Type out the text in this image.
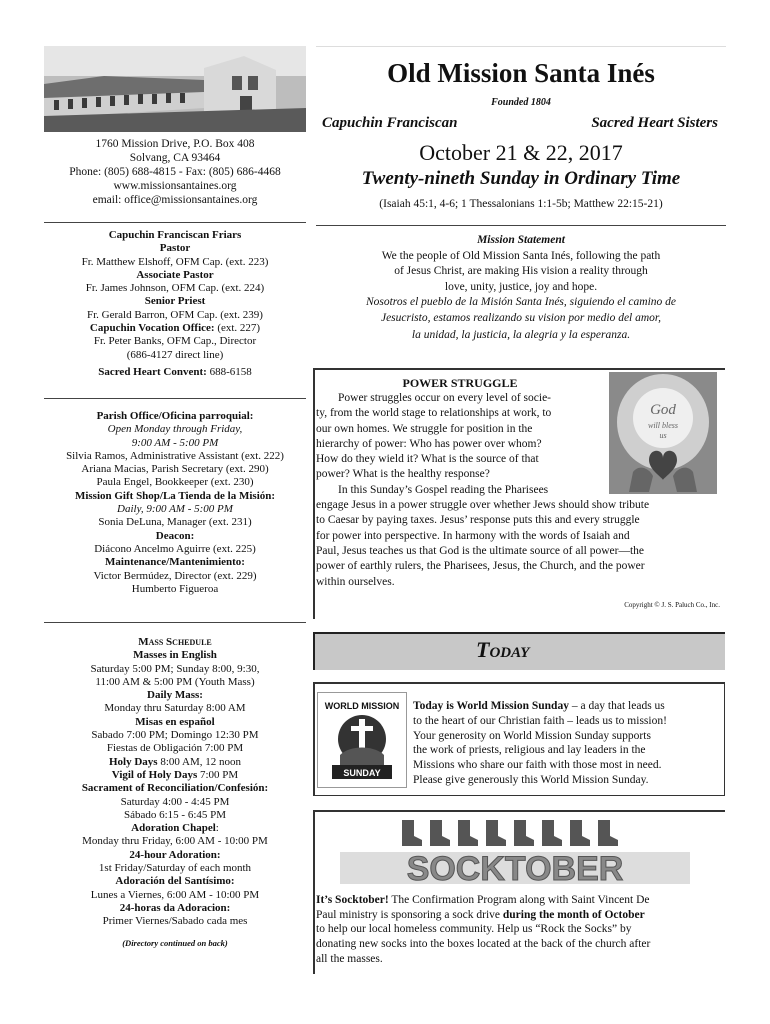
1760 Mission Drive, P.O. Box 408
Solvang, CA 93464
Phone: (805) 688-4815 - Fax: (805) 686-4468
www.missionsantaines.org
email: office@missionsantaines.org
Capuchin Franciscan Friars
Pastor
Fr. Matthew Elshoff, OFM Cap. (ext. 223)
Associate Pastor
Fr. James Johnson, OFM Cap. (ext. 224)
Senior Priest
Fr. Gerald Barron, OFM Cap. (ext. 239)
Capuchin Vocation Office: (ext. 227)
Fr. Peter Banks, OFM Cap., Director
(686-4127 direct line)
Sacred Heart Convent: 688-6158
Parish Office/Oficina parroquial:
Open Monday through Friday,
9:00 AM - 5:00 PM
Silvia Ramos, Administrative Assistant (ext. 222)
Ariana Macias, Parish Secretary (ext. 290)
Paula Engel, Bookkeeper (ext. 230)
Mission Gift Shop/La Tienda de la Misión:
Daily, 9:00 AM - 5:00 PM
Sonia DeLuna, Manager (ext. 231)
Deacon:
Diácono Ancelmo Aguirre (ext. 225)
Maintenance/Mantenimiento:
Victor Bermúdez, Director (ext. 229)
Humberto Figueroa
Mass Schedule
Masses in English
Saturday 5:00 PM; Sunday 8:00, 9:30,
11:00 AM & 5:00 PM (Youth Mass)
Daily Mass:
Monday thru Saturday 8:00 AM
Misas en español
Sabado 7:00 PM; Domingo 12:30 PM
Fiestas de Obligación 7:00 PM
Holy Days 8:00 AM, 12 noon
Vigil of Holy Days 7:00 PM
Sacrament of Reconciliation/Confesión:
Saturday 4:00 - 4:45 PM
Sábado 6:15 - 6:45 PM
Adoration Chapel:
Monday thru Friday, 6:00 AM - 10:00 PM
24-hour Adoration:
1st Friday/Saturday of each month
Adoración del Santísimo:
Lunes a Viernes, 6:00 AM - 10:00 PM
24-horas da Adoracion:
Primer Viernes/Sabado cada mes
(Directory continued on back)
Old Mission Santa Inés
Founded 1804
Capuchin Franciscan	Sacred Heart Sisters
October 21 & 22, 2017
Twenty-nineth Sunday in Ordinary Time
(Isaiah 45:1, 4-6; 1 Thessalonians 1:1-5b; Matthew 22:15-21)
Mission Statement
We the people of Old Mission Santa Inés, following the path
of Jesus Christ, are making His vision a reality through
love, unity, justice, joy and hope.
Nosotros el pueblo de la Misión Santa Inés, siguiendo el camino de
Jesucristo, estamos realizando su vision por medio del amor,
la unidad, la justicia, la alegria y la esperanza.
God
will bless
us
POWER STRUGGLE
Power struggles occur on every level of socie-
ty, from the world stage to relationships at work, to
our own homes. We struggle for position in the
hierarchy of power: Who has power over whom?
How do they wield it? What is the source of that
power? What is the healthy response?
In this Sunday’s Gospel reading the Pharisees
engage Jesus in a power struggle over whether Jews should show tribute
to Caesar by paying taxes. Jesus’ response puts this and every struggle
for power into perspective. In harmony with the words of Isaiah and
Paul, Jesus teaches us that God is the ultimate source of all power—the
power of earthly rulers, the Pharisees, Jesus, the Church, and the power
within ourselves.
Copyright © J. S. Paluch Co., Inc.
Today
WORLD MISSION
SUNDAY
Today is World Mission Sunday – a day that leads us
to the heart of our Christian faith – leads us to mission!
Your generosity on World Mission Sunday supports
the work of priests, religious and lay leaders in the
Missions who share our faith with those most in need.
Please give generously this World Mission Sunday.
SOCKTOBER
It’s Socktober! The Confirmation Program along with Saint Vincent De
Paul ministry is sponsoring a sock drive during the month of October
to help our local homeless community. Help us “Rock the Socks” by
donating new socks into the boxes located at the back of the church after
all the masses.
